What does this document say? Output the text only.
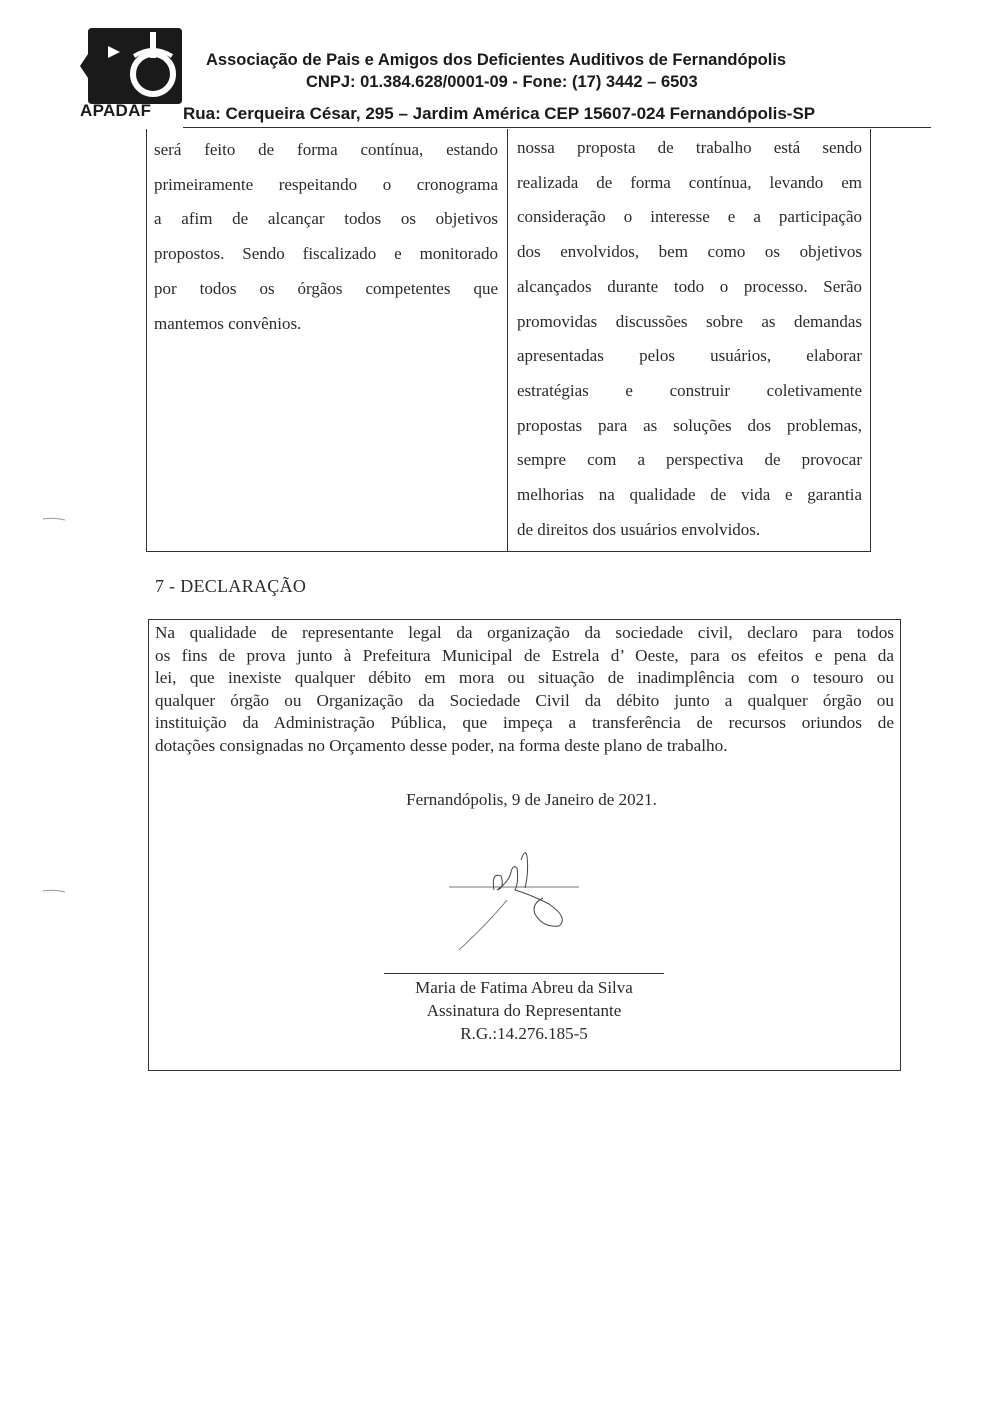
APADAF
Associação de Pais e Amigos dos Deficientes Auditivos de Fernandópolis
CNPJ: 01.384.628/0001-09 - Fone: (17) 3442 – 6503
Rua: Cerqueira César, 295 – Jardim América CEP 15607-024 Fernandópolis-SP
será feito de forma contínua, estando
primeiramente respeitando o cronograma
a afim de alcançar todos os objetivos
propostos. Sendo fiscalizado e monitorado
por todos os órgãos competentes que
mantemos convênios.
nossa proposta de trabalho está sendo
realizada de forma contínua, levando em
consideração o interesse e a participação
dos envolvidos, bem como os objetivos
alcançados durante todo o processo. Serão
promovidas discussões sobre as demandas
apresentadas pelos usuários, elaborar
estratégias e construir coletivamente
propostas para as soluções dos problemas,
sempre com a perspectiva de provocar
melhorias na qualidade de vida e garantia
de direitos dos usuários envolvidos.
7 - DECLARAÇÃO
Na qualidade de representante legal da organização da sociedade civil, declaro para todos
os fins de prova junto à Prefeitura Municipal de Estrela d’ Oeste, para os efeitos e pena da
lei, que inexiste qualquer débito em mora ou situação de inadimplência com o tesouro ou
qualquer órgão ou Organização da Sociedade Civil da débito junto a qualquer órgão ou
instituição da Administração Pública, que impeça a transferência de recursos oriundos de
dotações consignadas no Orçamento desse poder, na forma deste plano de trabalho.
Fernandópolis, 9 de Janeiro de 2021.
Maria de Fatima Abreu da Silva
Assinatura do Representante
R.G.:14.276.185-5
